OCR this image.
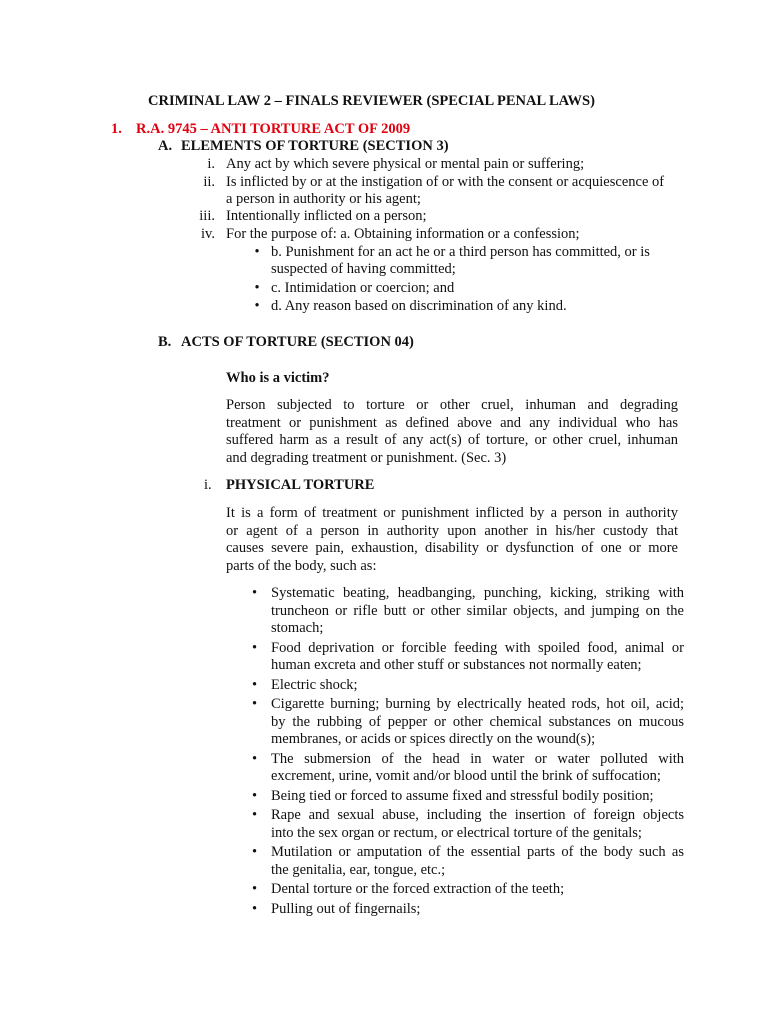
CRIMINAL LAW 2 – FINALS REVIEWER (SPECIAL PENAL LAWS)
1. R.A. 9745 – ANTI TORTURE ACT OF 2009
A. ELEMENTS OF TORTURE (SECTION 3)
i. Any act by which severe physical or mental pain or suffering;
ii. Is inflicted by or at the instigation of or with the consent or acquiescence of
a person in authority or his agent;
iii. Intentionally inflicted on a person;
iv. For the purpose of: a. Obtaining information or a confession;
• b. Punishment for an act he or a third person has committed, or is
suspected of having committed;
• c. Intimidation or coercion; and
• d. Any reason based on discrimination of any kind.
B. ACTS OF TORTURE (SECTION 04)
Who is a victim?
Person subjected to torture or other cruel, inhuman and degrading
treatment or punishment as defined above and any individual who has
suffered harm as a result of any act(s) of torture, or other cruel, inhuman
and degrading treatment or punishment. (Sec. 3)
i. PHYSICAL TORTURE
It is a form of treatment or punishment inflicted by a person in authority
or agent of a person in authority upon another in his/her custody that
causes severe pain, exhaustion, disability or dysfunction of one or more
parts of the body, such as:
• Systematic beating, headbanging, punching, kicking, striking with
truncheon or rifle butt or other similar objects, and jumping on the
stomach;
• Food deprivation or forcible feeding with spoiled food, animal or
human excreta and other stuff or substances not normally eaten;
• Electric shock;
• Cigarette burning; burning by electrically heated rods, hot oil, acid;
by the rubbing of pepper or other chemical substances on mucous
membranes, or acids or spices directly on the wound(s);
• The submersion of the head in water or water polluted with
excrement, urine, vomit and/or blood until the brink of suffocation;
• Being tied or forced to assume fixed and stressful bodily position;
• Rape and sexual abuse, including the insertion of foreign objects
into the sex organ or rectum, or electrical torture of the genitals;
• Mutilation or amputation of the essential parts of the body such as
the genitalia, ear, tongue, etc.;
• Dental torture or the forced extraction of the teeth;
• Pulling out of fingernails;
